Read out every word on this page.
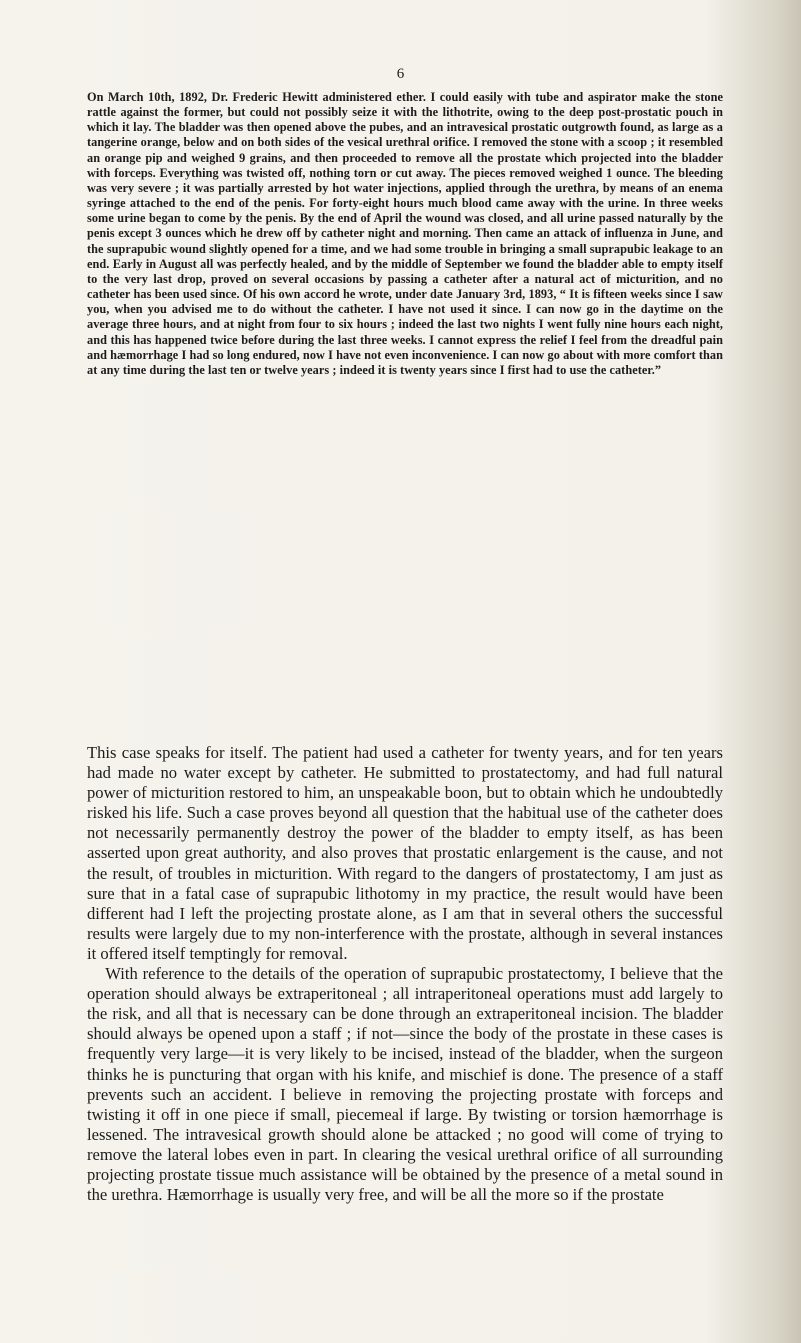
6

On March 10th, 1892, Dr. Frederic Hewitt administered ether. I could easily with tube and aspirator make the stone rattle against the former, but could not possibly seize it with the lithotrite, owing to the deep post-prostatic pouch in which it lay. The bladder was then opened above the pubes, and an intravesical prostatic outgrowth found, as large as a tangerine orange, below and on both sides of the vesical urethral orifice. I removed the stone with a scoop ; it resembled an orange pip and weighed 9 grains, and then proceeded to remove all the prostate which projected into the bladder with forceps. Everything was twisted off, nothing torn or cut away. The pieces removed weighed 1 ounce. The bleeding was very severe ; it was partially arrested by hot water injections, applied through the urethra, by means of an enema syringe attached to the end of the penis. For forty-eight hours much blood came away with the urine. In three weeks some urine began to come by the penis. By the end of April the wound was closed, and all urine passed naturally by the penis except 3 ounces which he drew off by catheter night and morning. Then came an attack of influenza in June, and the suprapubic wound slightly opened for a time, and we had some trouble in bringing a small suprapubic leakage to an end. Early in August all was perfectly healed, and by the middle of September we found the bladder able to empty itself to the very last drop, proved on several occasions by passing a catheter after a natural act of micturition, and no catheter has been used since. Of his own accord he wrote, under date January 3rd, 1893, “ It is fifteen weeks since I saw you, when you advised me to do without the catheter. I have not used it since. I can now go in the daytime on the average three hours, and at night from four to six hours ; indeed the last two nights I went fully nine hours each night, and this has happened twice before during the last three weeks. I cannot express the relief I feel from the dreadful pain and hæmorrhage I had so long endured, now I have not even inconvenience. I can now go about with more comfort than at any time during the last ten or twelve years ; indeed it is twenty years since I first had to use the catheter.”

This case speaks for itself. The patient had used a catheter for twenty years, and for ten years had made no water except by catheter. He submitted to prostatectomy, and had full natural power of micturition restored to him, an unspeakable boon, but to obtain which he undoubtedly risked his life. Such a case proves beyond all question that the habitual use of the catheter does not necessarily permanently destroy the power of the bladder to empty itself, as has been asserted upon great authority, and also proves that prostatic enlargement is the cause, and not the result, of troubles in micturition. With regard to the dangers of prostatectomy, I am just as sure that in a fatal case of suprapubic lithotomy in my practice, the result would have been different had I left the projecting prostate alone, as I am that in several others the successful results were largely due to my non-interference with the prostate, although in several instances it offered itself temptingly for removal.

With reference to the details of the operation of suprapubic prostatectomy, I believe that the operation should always be extraperitoneal ; all intraperitoneal operations must add largely to the risk, and all that is necessary can be done through an extraperitoneal incision. The bladder should always be opened upon a staff ; if not—since the body of the prostate in these cases is frequently very large—it is very likely to be incised, instead of the bladder, when the surgeon thinks he is puncturing that organ with his knife, and mischief is done. The presence of a staff prevents such an accident. I believe in removing the projecting prostate with forceps and twisting it off in one piece if small, piecemeal if large. By twisting or torsion hæmorrhage is lessened. The intravesical growth should alone be attacked ; no good will come of trying to remove the lateral lobes even in part. In clearing the vesical urethral orifice of all surrounding projecting prostate tissue much assistance will be obtained by the presence of a metal sound in the urethra. Hæmorrhage is usually very free, and will be all the more so if the prostate
